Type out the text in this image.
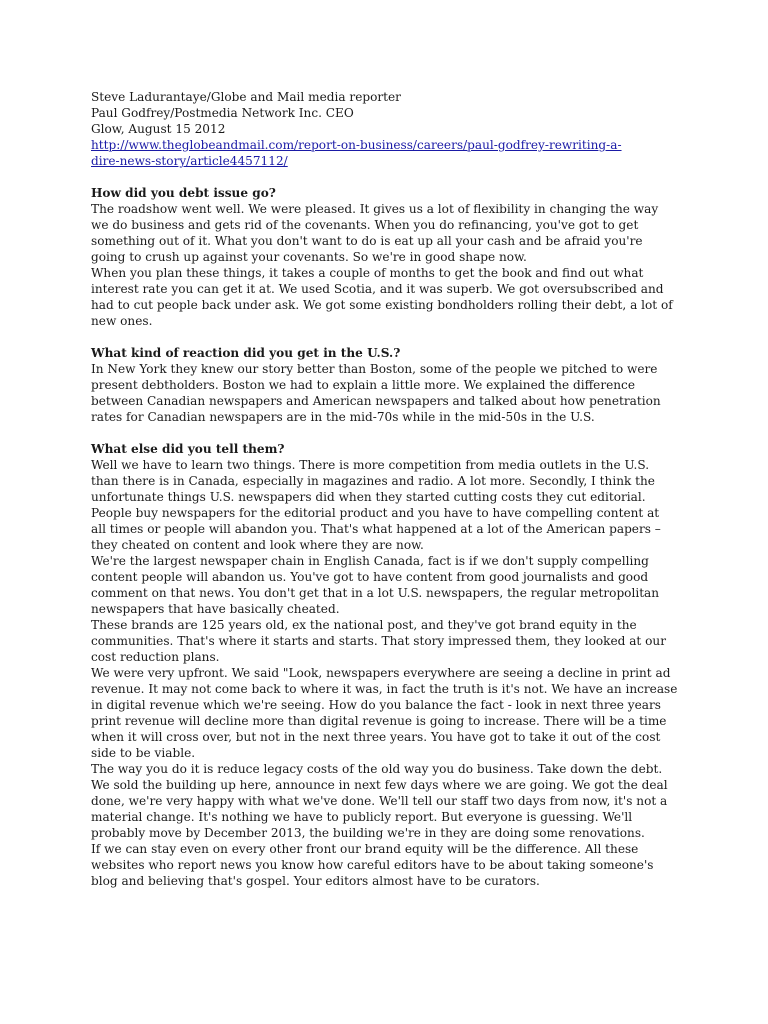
Steve Ladurantaye/Globe and Mail media reporter
Paul Godfrey/Postmedia Network Inc. CEO
Glow, August 15 2012
http://www.theglobeandmail.com/report-on-business/careers/paul-godfrey-rewriting-a-
dire-news-story/article4457112/
How did you debt issue go?
The roadshow went well. We were pleased. It gives us a lot of flexibility in changing the way
we do business and gets rid of the covenants. When you do refinancing, you've got to get
something out of it. What you don't want to do is eat up all your cash and be afraid you're
going to crush up against your covenants. So we're in good shape now.
When you plan these things, it takes a couple of months to get the book and find out what
interest rate you can get it at. We used Scotia, and it was superb. We got oversubscribed and
had to cut people back under ask. We got some existing bondholders rolling their debt, a lot of
new ones.
What kind of reaction did you get in the U.S.?
In New York they knew our story better than Boston, some of the people we pitched to were
present debtholders. Boston we had to explain a little more. We explained the difference
between Canadian newspapers and American newspapers and talked about how penetration
rates for Canadian newspapers are in the mid-70s while in the mid-50s in the U.S.
What else did you tell them?
Well we have to learn two things. There is more competition from media outlets in the U.S.
than there is in Canada, especially in magazines and radio. A lot more. Secondly, I think the
unfortunate things U.S. newspapers did when they started cutting costs they cut editorial.
People buy newspapers for the editorial product and you have to have compelling content at
all times or people will abandon you. That's what happened at a lot of the American papers –
they cheated on content and look where they are now.
We're the largest newspaper chain in English Canada, fact is if we don't supply compelling
content people will abandon us. You've got to have content from good journalists and good
comment on that news. You don't get that in a lot U.S. newspapers, the regular metropolitan
newspapers that have basically cheated.
These brands are 125 years old, ex the national post, and they've got brand equity in the
communities. That's where it starts and starts. That story impressed them, they looked at our
cost reduction plans.
We were very upfront. We said "Look, newspapers everywhere are seeing a decline in print ad
revenue. It may not come back to where it was, in fact the truth is it's not. We have an increase
in digital revenue which we're seeing. How do you balance the fact - look in next three years
print revenue will decline more than digital revenue is going to increase. There will be a time
when it will cross over, but not in the next three years. You have got to take it out of the cost
side to be viable.
The way you do it is reduce legacy costs of the old way you do business. Take down the debt.
We sold the building up here, announce in next few days where we are going. We got the deal
done, we're very happy with what we've done. We'll tell our staff two days from now, it's not a
material change. It's nothing we have to publicly report. But everyone is guessing. We'll
probably move by December 2013, the building we're in they are doing some renovations.
If we can stay even on every other front our brand equity will be the difference. All these
websites who report news you know how careful editors have to be about taking someone's
blog and believing that's gospel. Your editors almost have to be curators.
